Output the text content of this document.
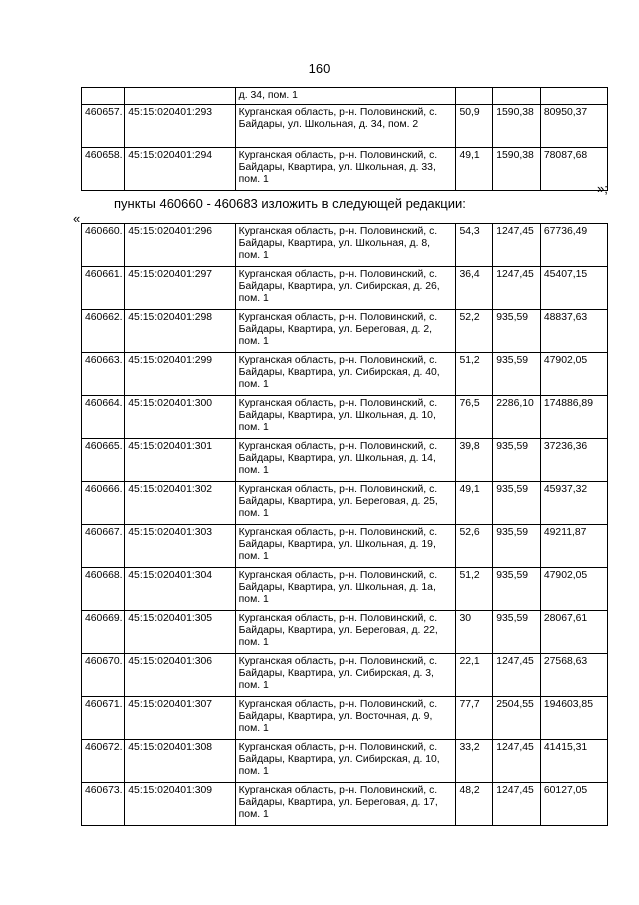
160
		д. 34, пом. 1			
460657.	45:15:020401:293	Курганская область, р-н. Половинский, с. Байдары, ул. Школьная, д. 34, пом. 2	50,9	1590,38	80950,37
460658.	45:15:020401:294	Курганская область, р-н. Половинский, с. Байдары, Квартира, ул. Школьная, д. 33, пом. 1	49,1	1590,38	78087,68
»;
пункты 460660 - 460683 изложить в следующей редакции:
«
460660.	45:15:020401:296	Курганская область, р-н. Половинский, с. Байдары, Квартира, ул. Школьная, д. 8, пом. 1	54,3	1247,45	67736,49
460661.	45:15:020401:297	Курганская область, р-н. Половинский, с. Байдары, Квартира, ул. Сибирская, д. 26, пом. 1	36,4	1247,45	45407,15
460662.	45:15:020401:298	Курганская область, р-н. Половинский, с. Байдары, Квартира, ул. Береговая, д. 2, пом. 1	52,2	935,59	48837,63
460663.	45:15:020401:299	Курганская область, р-н. Половинский, с. Байдары, Квартира, ул. Сибирская, д. 40, пом. 1	51,2	935,59	47902,05
460664.	45:15:020401:300	Курганская область, р-н. Половинский, с. Байдары, Квартира, ул. Школьная, д. 10, пом. 1	76,5	2286,10	174886,89
460665.	45:15:020401:301	Курганская область, р-н. Половинский, с. Байдары, Квартира, ул. Школьная, д. 14, пом. 1	39,8	935,59	37236,36
460666.	45:15:020401:302	Курганская область, р-н. Половинский, с. Байдары, Квартира, ул. Береговая, д. 25, пом. 1	49,1	935,59	45937,32
460667.	45:15:020401:303	Курганская область, р-н. Половинский, с. Байдары, Квартира, ул. Школьная, д. 19, пом. 1	52,6	935,59	49211,87
460668.	45:15:020401:304	Курганская область, р-н. Половинский, с. Байдары, Квартира, ул. Школьная, д. 1а, пом. 1	51,2	935,59	47902,05
460669.	45:15:020401:305	Курганская область, р-н. Половинский, с. Байдары, Квартира, ул. Береговая, д. 22, пом. 1	30	935,59	28067,61
460670.	45:15:020401:306	Курганская область, р-н. Половинский, с. Байдары, Квартира, ул. Сибирская, д. 3, пом. 1	22,1	1247,45	27568,63
460671.	45:15:020401:307	Курганская область, р-н. Половинский, с. Байдары, Квартира, ул. Восточная, д. 9, пом. 1	77,7	2504,55	194603,85
460672.	45:15:020401:308	Курганская область, р-н. Половинский, с. Байдары, Квартира, ул. Сибирская, д. 10, пом. 1	33,2	1247,45	41415,31
460673.	45:15:020401:309	Курганская область, р-н. Половинский, с. Байдары, Квартира, ул. Береговая, д. 17, пом. 1	48,2	1247,45	60127,05
